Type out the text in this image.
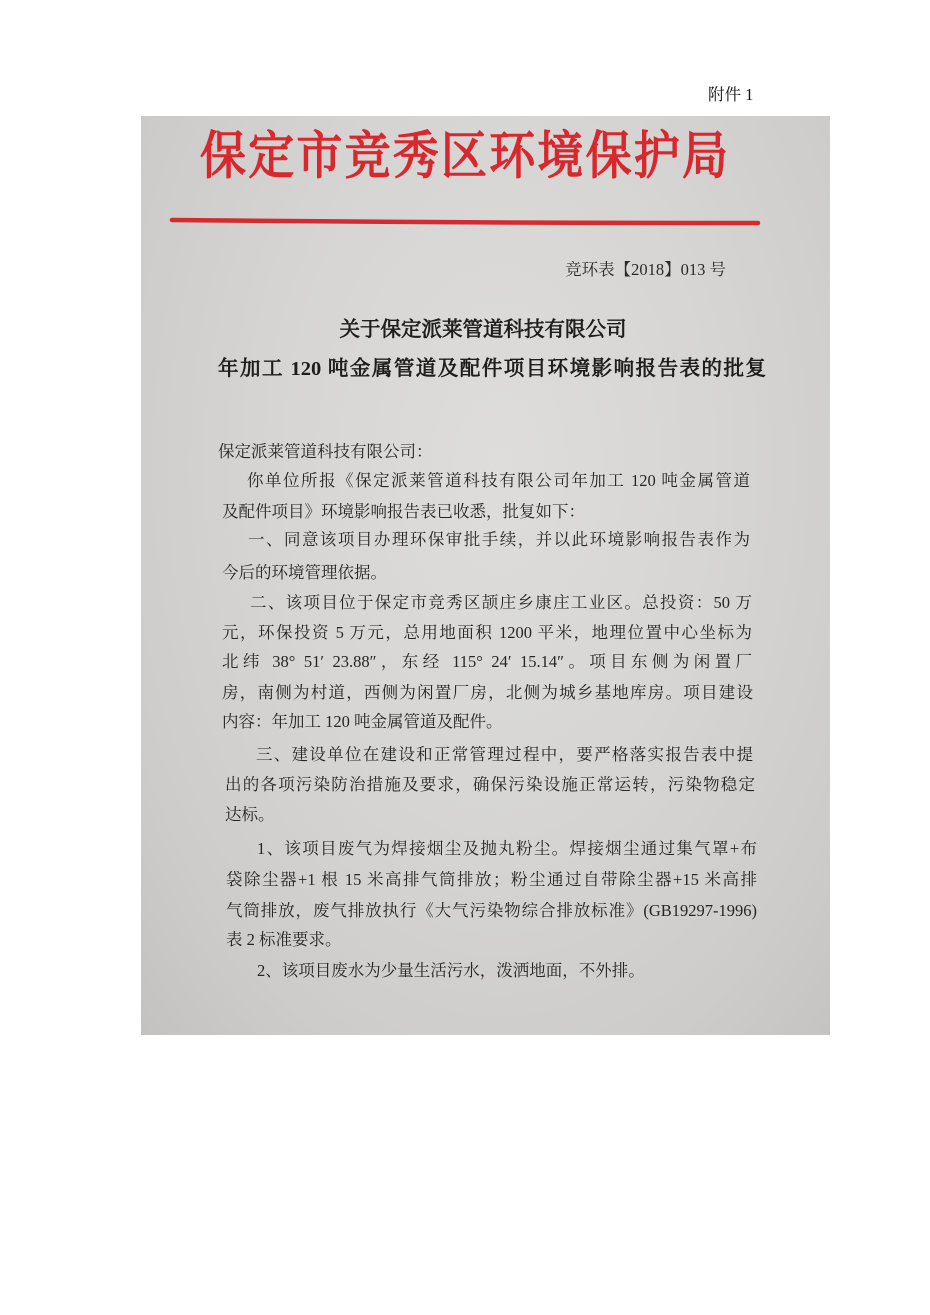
附件 1
保定市竞秀区环境保护局
竞环表【2018】013 号
关于保定派莱管道科技有限公司
年加工 120 吨金属管道及配件项目环境影响报告表的批复
保定派莱管道科技有限公司：
你单位所报《保定派莱管道科技有限公司年加工 120 吨金属管道
及配件项目》环境影响报告表已收悉，批复如下：
一、同意该项目办理环保审批手续，并以此环境影响报告表作为
今后的环境管理依据。
二、该项目位于保定市竞秀区颉庄乡康庄工业区。总投资：50 万
元，环保投资 5 万元，总用地面积 1200 平米，地理位置中心坐标为
北纬 38° 51′ 23.88″，东经 115° 24′ 15.14″。项目东侧为闲置厂
房，南侧为村道，西侧为闲置厂房，北侧为城乡基地库房。项目建设
内容：年加工 120 吨金属管道及配件。
三、建设单位在建设和正常管理过程中，要严格落实报告表中提
出的各项污染防治措施及要求，确保污染设施正常运转，污染物稳定
达标。
1、该项目废气为焊接烟尘及抛丸粉尘。焊接烟尘通过集气罩+布
袋除尘器+1 根 15 米高排气筒排放；粉尘通过自带除尘器+15 米高排
气筒排放，废气排放执行《大气污染物综合排放标准》(GB19297-1996)
表 2 标准要求。
2、该项目废水为少量生活污水，泼洒地面，不外排。
